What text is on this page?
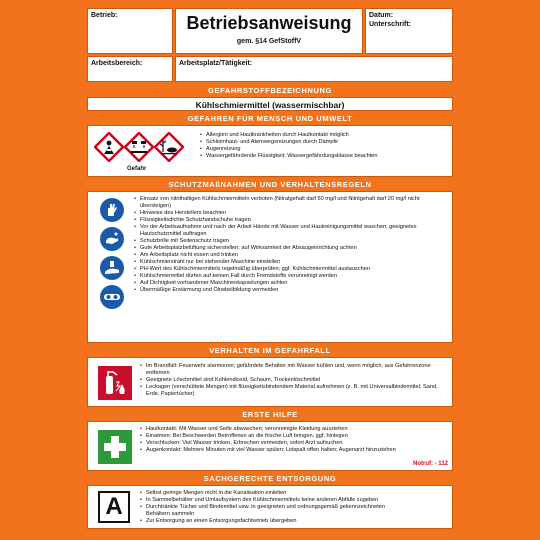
Betrieb:	Betriebsanweisung
gem. §14 GefStoffV
Datum:
Unterschrift:
Arbeitsbereich:	Arbeitsplatz/Tätigkeit:
GEFAHRSTOFFBEZEICHNUNG
Kühlschmiermittel (wassermischbar)
GEFAHREN FÜR MENSCH UND UMWELT
Gefahr
• Allergien und Hautkrankheiten durch Hautkontakt möglich
• Schleimhaut- und Atemwegsreizungen durch Dämpfe
• Augenreizung
• Wassergefährdende Flüssigkeit; Wassergefährdungsklasse beachten
SCHUTZMAßNAHMEN UND VERHALTENSREGELN
• Einsatz von nitrithaltigen Kühlschmiermitteln verboten (Nitratgehalt darf 50 mg/l und Nitritgehalt darf 20 mg/l nicht übersteigen)
• Hinweise des Herstellers beachten
• Flüssigkeitsdichte Schutzhandschuhe tragen
• Vor der Arbeitsaufnahme und nach der Arbeit Hände mit Wasser und Hautreinigungsmittel waschen; geeignetes Hautschutzmittel auftragen
• Schutzbrille mit Seitenschutz tragen
• Gute Arbeitsplatzbelüftung sicherstellen; auf Wirksamkeit der Absaugeinrichtung achten
• Am Arbeitsplatz nicht essen und trinken
• Kühlschmierstrahl nur bei stehender Maschine einstellen
• PH-Wert des Kühlschmiermittels regelmäßig überprüfen; ggf. Kühlschmiermittel austauschen
• Kühlschmiermittel dürfen auf keinen Fall durch Fremdstoffe verunreinigt werden
• Auf Dichtigkeit vorhandener Maschinenkapselungen achten
• Übermäßige Erwärmung und Ölnebelbildung vermeiden
VERHALTEN IM GEFAHRFALL
• Im Brandfall: Feuerwehr alarmieren; gefährdete Behälter mit Wasser kühlen und, wenn möglich, aus Gefahrenzone entfernen
• Geeignete Löschmittel sind Kohlendioxid, Schaum, Trockenlöschmittel
• Leckagen (verschüttete Mengen) mit flüssigkeitsbindendem Material aufnehmen (z. B. mit Universalbindemittel, Sand, Erde, Papiertücher)
ERSTE HILFE
• Hautkontakt: Mit Wasser und Seife abwaschen; verunreinigte Kleidung ausziehen
• Einatmen: Bei Beschwerden Betroffenen an die frische Luft bringen, ggf. hinlegen
• Verschlucken: Viel Wasser trinken, Erbrechen vermeiden, sofort Arzt aufsuchen
• Augenkontakt: Mehrere Minuten mit viel Wasser spülen; Lidspalt offen halten; Augenarzt hinzuziehen
Notruf: - 112
SACHGERECHTE ENTSORGUNG
A
•	Selbst geringe Mengen nicht in die Kanalisation einleiten
• In Sammelbehälter und Umlaufsystem des Kühlschmiermittels keine anderen Abfälle zugeben
• Durchtränkte Tücher und Bindemittel usw. in geeigneten und ordnungsgemäß gekennzeichneten Behältern sammeln
• Zur Entsorgung an einen Entsorgungsfachbetrieb übergeben
Kroschke
